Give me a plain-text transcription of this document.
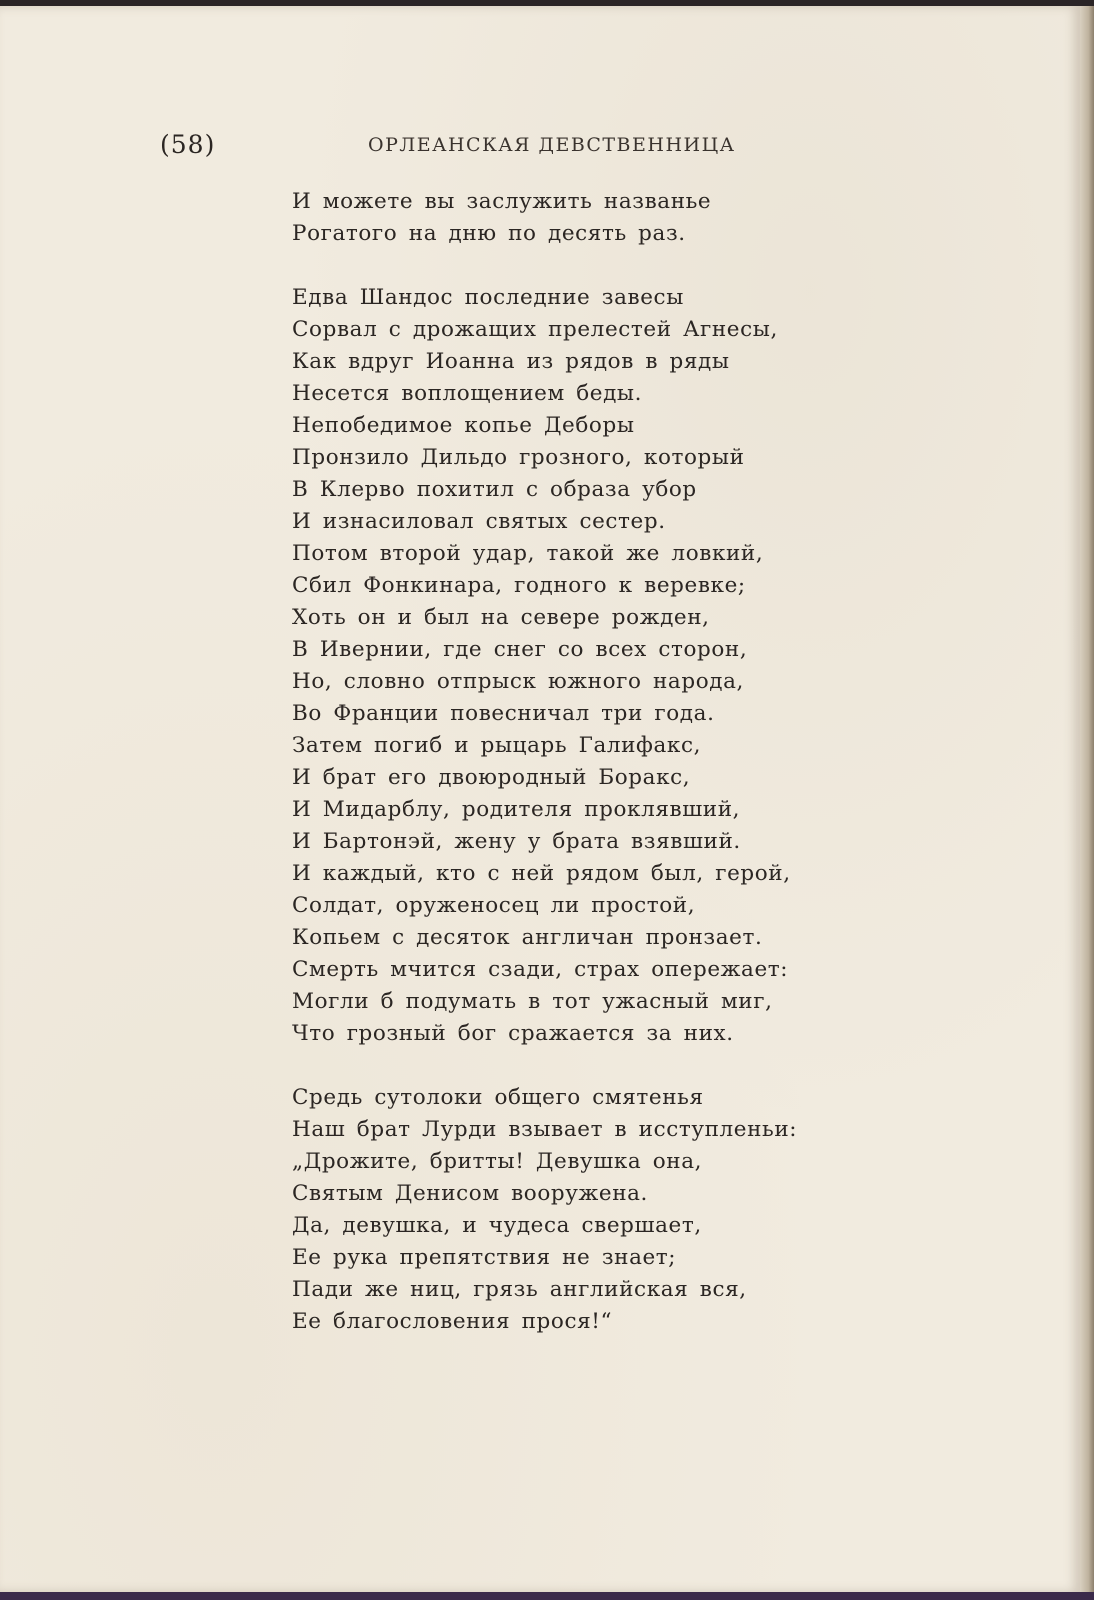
(58)	ОРЛЕАНСКАЯ ДЕВСТВЕННИЦА
И можете вы заслужить названье
Рогатого на дню по десять раз.
Едва Шандос последние завесы
Сорвал с дрожащих прелестей Агнесы,
Как вдруг Иоанна из рядов в ряды
Несется воплощением беды.
Непобедимое копье Деборы
Пронзило Дильдо грозного, который
В Клерво похитил с образа убор
И изнасиловал святых сестер.
Потом второй удар, такой же ловкий,
Сбил Фонкинара, годного к веревке;
Хоть он и был на севере рожден,
В Ивернии, где снег со всех сторон,
Но, словно отпрыск южного народа,
Во Франции повесничал три года.
Затем погиб и рыцарь Галифакс,
И брат его двоюродный Боракс,
И Мидарблу, родителя проклявший,
И Бартонэй, жену у брата взявший.
И каждый, кто с ней рядом был, герой,
Солдат, оруженосец ли простой,
Копьем с десяток англичан пронзает.
Смерть мчится сзади, страх опережает:
Могли б подумать в тот ужасный миг,
Что грозный бог сражается за них.
Средь сутолоки общего смятенья
Наш брат Лурди взывает в исступленьи:
„Дрожите, бритты! Девушка она,
Святым Денисом вооружена.
Да, девушка, и чудеса свершает,
Ее рука препятствия не знает;
Пади же ниц, грязь английская вся,
Ее благословения прося!“
